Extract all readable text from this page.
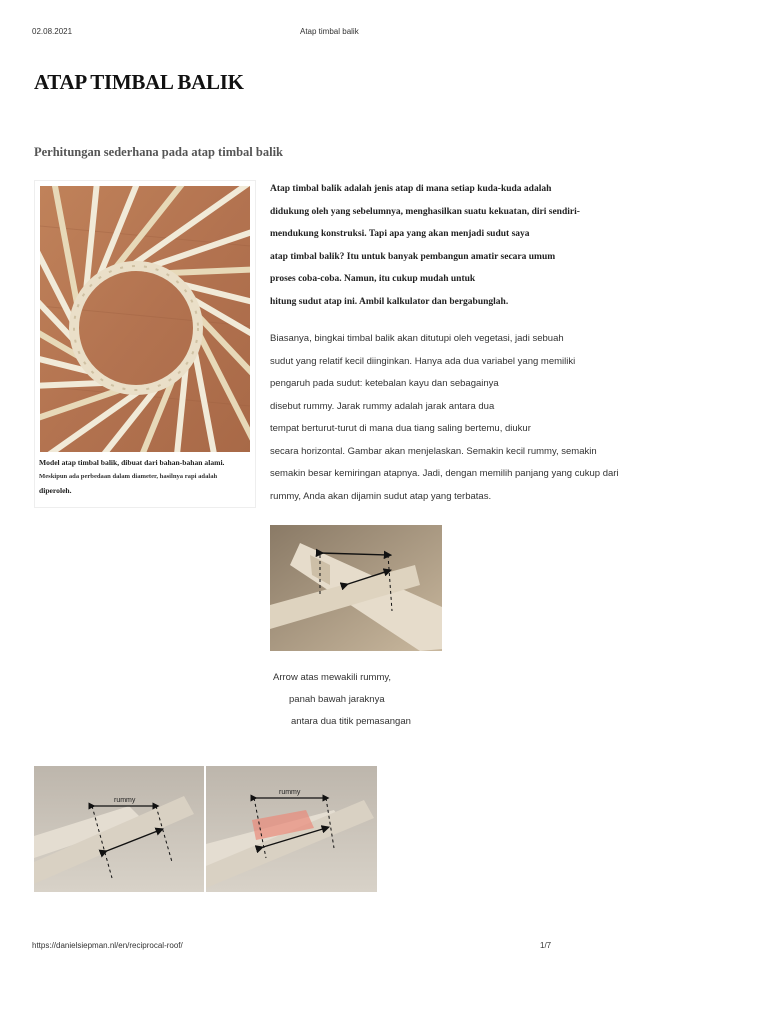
02.08.2021	Atap timbal balik
ATAP TIMBAL BALIK
Perhitungan sederhana pada atap timbal balik
Model atap timbal balik, dibuat dari bahan-bahan alami.
Meskipun ada perbedaan dalam diameter, hasilnya rapi adalah
diperoleh.
Atap timbal balik adalah jenis atap di mana setiap kuda-kuda adalah
didukung oleh yang sebelumnya, menghasilkan suatu kekuatan, diri sendiri-
mendukung konstruksi. Tapi apa yang akan menjadi sudut saya
atap timbal balik? Itu untuk banyak pembangun amatir secara umum
proses coba-coba. Namun, itu cukup mudah untuk
hitung sudut atap ini. Ambil kalkulator dan bergabunglah.
Biasanya, bingkai timbal balik akan ditutupi oleh vegetasi, jadi sebuah
sudut yang relatif kecil diinginkan. Hanya ada dua variabel yang memiliki
pengaruh pada sudut: ketebalan kayu dan sebagainya
disebut rummy. Jarak rummy adalah jarak antara dua
tempat berturut-turut di mana dua tiang saling bertemu, diukur
secara horizontal. Gambar akan menjelaskan. Semakin kecil rummy, semakin
semakin besar kemiringan atapnya. Jadi, dengan memilih panjang yang cukup dari
rummy, Anda akan dijamin sudut atap yang terbatas.
Arrow atas mewakili rummy,
panah bawah jaraknya
antara dua titik pemasangan
rummy
rummy
https://danielsiepman.nl/en/reciprocal-roof/	1/7
